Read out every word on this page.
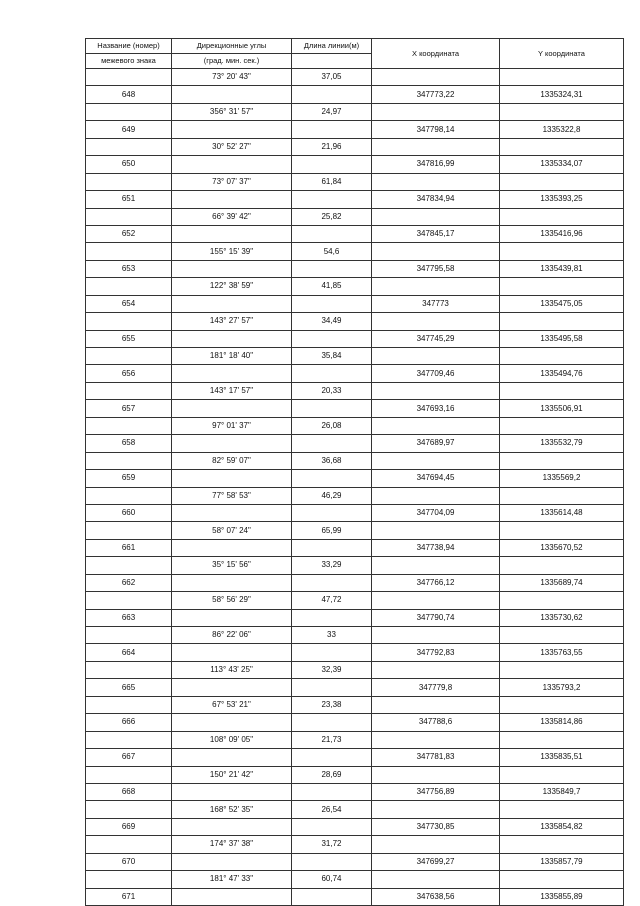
Название (номер)	Дирекционные углы	Длина линии(м)	X координата	Y координата
межевого знака	(град. мин. сек.)			
	73° 20' 43"	37,05		
648			347773,22	1335324,31
	356° 31' 57"	24,97		
649			347798,14	1335322,8
	30° 52' 27"	21,96		
650			347816,99	1335334,07
	73° 07' 37"	61,84		
651			347834,94	1335393,25
	66° 39' 42"	25,82		
652			347845,17	1335416,96
	155° 15' 39"	54,6		
653			347795,58	1335439,81
	122° 38' 59"	41,85		
654			347773	1335475,05
	143° 27' 57"	34,49		
655			347745,29	1335495,58
	181° 18' 40"	35,84		
656			347709,46	1335494,76
	143° 17' 57"	20,33		
657			347693,16	1335506,91
	97° 01' 37"	26,08		
658			347689,97	1335532,79
	82° 59' 07"	36,68		
659			347694,45	1335569,2
	77° 58' 53"	46,29		
660			347704,09	1335614,48
	58° 07' 24"	65,99		
661			347738,94	1335670,52
	35° 15' 56"	33,29		
662			347766,12	1335689,74
	58° 56' 29"	47,72		
663			347790,74	1335730,62
	86° 22' 06"	33		
664			347792,83	1335763,55
	113° 43' 25"	32,39		
665			347779,8	1335793,2
	67° 53' 21"	23,38		
666			347788,6	1335814,86
	108° 09' 05"	21,73		
667			347781,83	1335835,51
	150° 21' 42"	28,69		
668			347756,89	1335849,7
	168° 52' 35"	26,54		
669			347730,85	1335854,82
	174° 37' 38"	31,72		
670			347699,27	1335857,79
	181° 47' 33"	60,74		
671			347638,56	1335855,89
